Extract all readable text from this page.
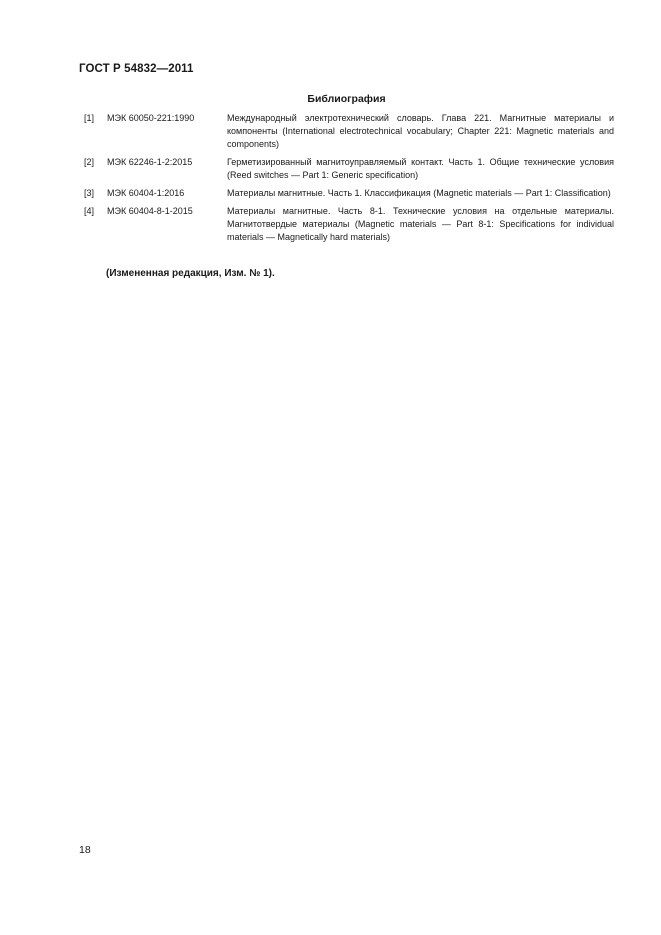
ГОСТ Р 54832—2011
Библиография
[1]	МЭК 60050-221:1990	Международный электротехнический словарь. Глава 221. Магнитные материалы и компоненты (International electrotechnical vocabulary; Chapter 221: Magnetic materials and components)
[2]	МЭК 62246-1-2:2015	Герметизированный магнитоуправляемый контакт. Часть 1. Общие технические условия (Reed switches — Part 1: Generic specification)
[3]	МЭК 60404-1:2016	Материалы магнитные. Часть 1. Классификация (Magnetic materials — Part 1: Classification)
[4]	МЭК 60404-8-1-2015	Материалы магнитные. Часть 8-1. Технические условия на отдельные материалы. Магнитотвердые материалы (Magnetic materials — Part 8-1: Specifications for individual materials — Magnetically hard materials)
(Измененная редакция, Изм. № 1).
18
